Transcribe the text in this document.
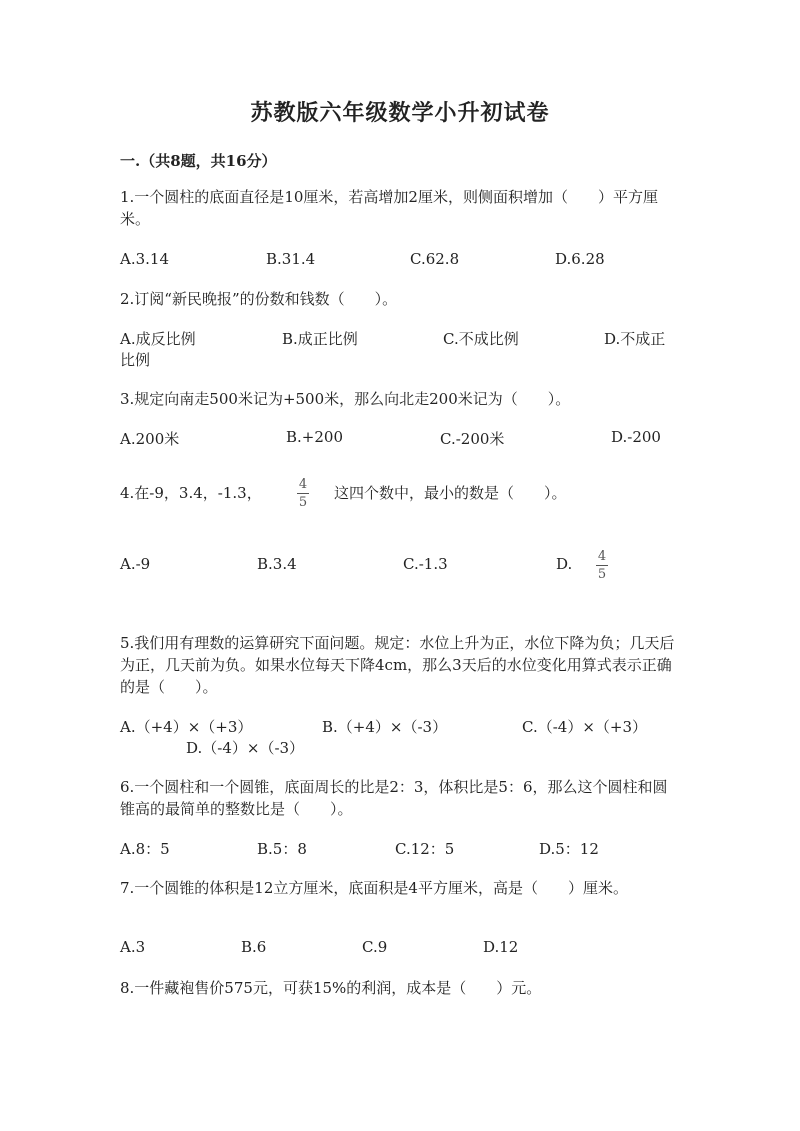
苏教版六年级数学小升初试卷
一.（共8题，共16分）
1.一个圆柱的底面直径是10厘米，若高增加2厘米，则侧面积增加（　　）平方厘米。
A.3.14	B.31.4	C.62.8	D.6.28
2.订阅“新民晚报”的份数和钱数（　　）。
A.成反比例	B.成正比例	C.不成比例	D.不成正
比例
3.规定向南走500米记为+500米，那么向北走200米记为（　　）。
A.200米	B.+200	C.-200米	D.-200
4.在-9，3.4，-1.3，	4
5
这四个数中，最小的数是（　　）。
A.-9	B.3.4	C.-1.3	D. 4
5
5.我们用有理数的运算研究下面问题。规定：水位上升为正，水位下降为负；几天后为正，几天前为负。如果水位每天下降4cm，那么3天后的水位变化用算式表示正确的是（　　）。
A.（+4）×（+3）	B.（+4）×（-3）	C.（-4）×（+3）
D.（-4）×（-3）
6.一个圆柱和一个圆锥，底面周长的比是2：3，体积比是5：6，那么这个圆柱和圆锥高的最简单的整数比是（　　）。
A.8：5	B.5：8	C.12：5	D.5：12
7.一个圆锥的体积是12立方厘米，底面积是4平方厘米，高是（　　）厘米。
A.3	B.6	C.9	D.12
8.一件藏袍售价575元，可获15%的利润，成本是（　　）元。
